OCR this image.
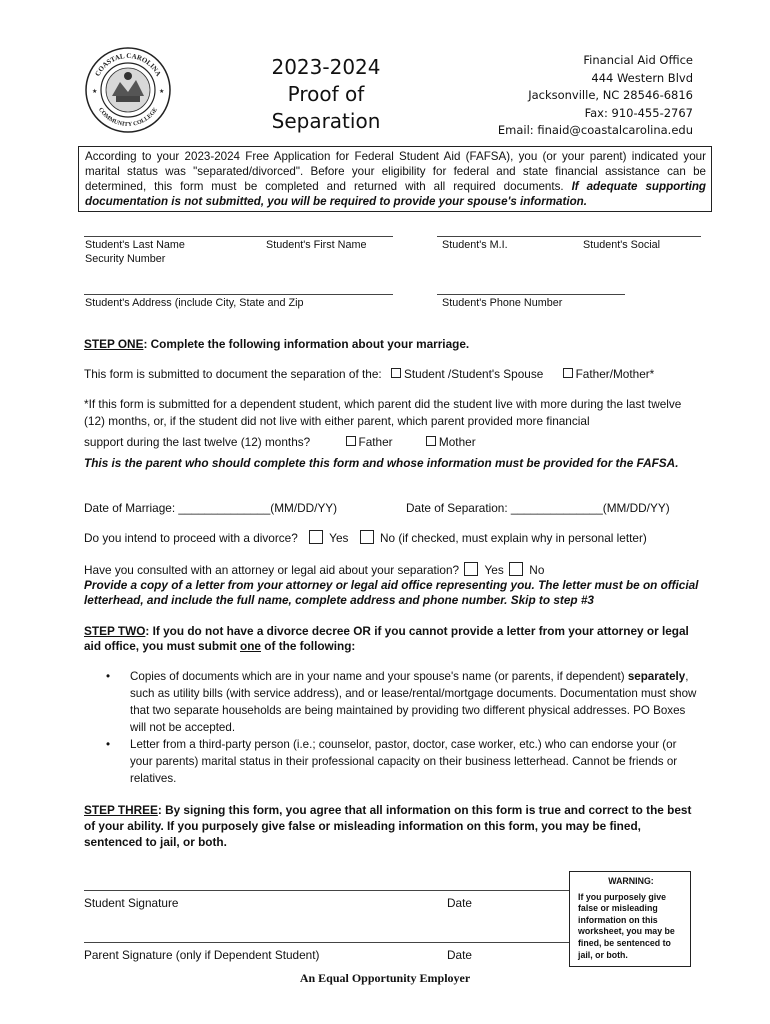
COASTAL CAROLINA
COMMUNITY COLLEGE
★	★
2023-2024
Proof of
Separation
Financial Aid Office
444 Western Blvd
Jacksonville, NC 28546-6816
Fax: 910-455-2767
Email: finaid@coastalcarolina.edu
According to your 2023-2024 Free Application for Federal Student Aid (FAFSA), you (or your parent) indicated your marital status was "separated/divorced". Before your eligibility for federal and state financial assistance can be determined, this form must be completed and returned with all required documents. If adequate supporting documentation is not submitted, you will be required to provide your spouse's information.
Student's Last Name	Student's First Name	Student's M.I.	Student's Social
Security Number
Student's Address (include City, State and Zip	Student's Phone Number
STEP ONE: Complete the following information about your marriage.
This form is submitted to document the separation of the: Student /Student's Spouse	Father/Mother*
*If this form is submitted for a dependent student, which parent did the student live with more during the last twelve (12) months, or, if the student did not live with either parent, which parent provided more financial
support during the last twelve (12) months?	Father	Mother
This is the parent who should complete this form and whose information must be provided for the FAFSA.
Date of Marriage: ______________(MM/DD/YY)	Date of Separation: ______________(MM/DD/YY)
Do you intend to proceed with a divorce?	Yes	No (if checked, must explain why in personal letter)
Have you consulted with an attorney or legal aid about your separation? Yes No
Provide a copy of a letter from your attorney or legal aid office representing you. The letter must be on official letterhead, and include the full name, complete address and phone number. Skip to step #3
STEP TWO: If you do not have a divorce decree OR if you cannot provide a letter from your attorney or legal aid office, you must submit one of the following:
• Copies of documents which are in your name and your spouse's name (or parents, if dependent) separately, such as utility bills (with service address), and or lease/rental/mortgage documents. Documentation must show that two separate households are being maintained by providing two different physical addresses. PO Boxes will not be accepted.
• Letter from a third-party person (i.e.; counselor, pastor, doctor, case worker, etc.) who can endorse your (or your parents) marital status in their professional capacity on their business letterhead. Cannot be friends or relatives.
STEP THREE: By signing this form, you agree that all information on this form is true and correct to the best of your ability. If you purposely give false or misleading information on this form, you may be fined, sentenced to jail, or both.
Student Signature	Date
Parent Signature (only if Dependent Student)	Date
WARNING:
If you purposely give false or misleading information on this worksheet, you may be fined, be sentenced to jail, or both.
An Equal Opportunity Employer
